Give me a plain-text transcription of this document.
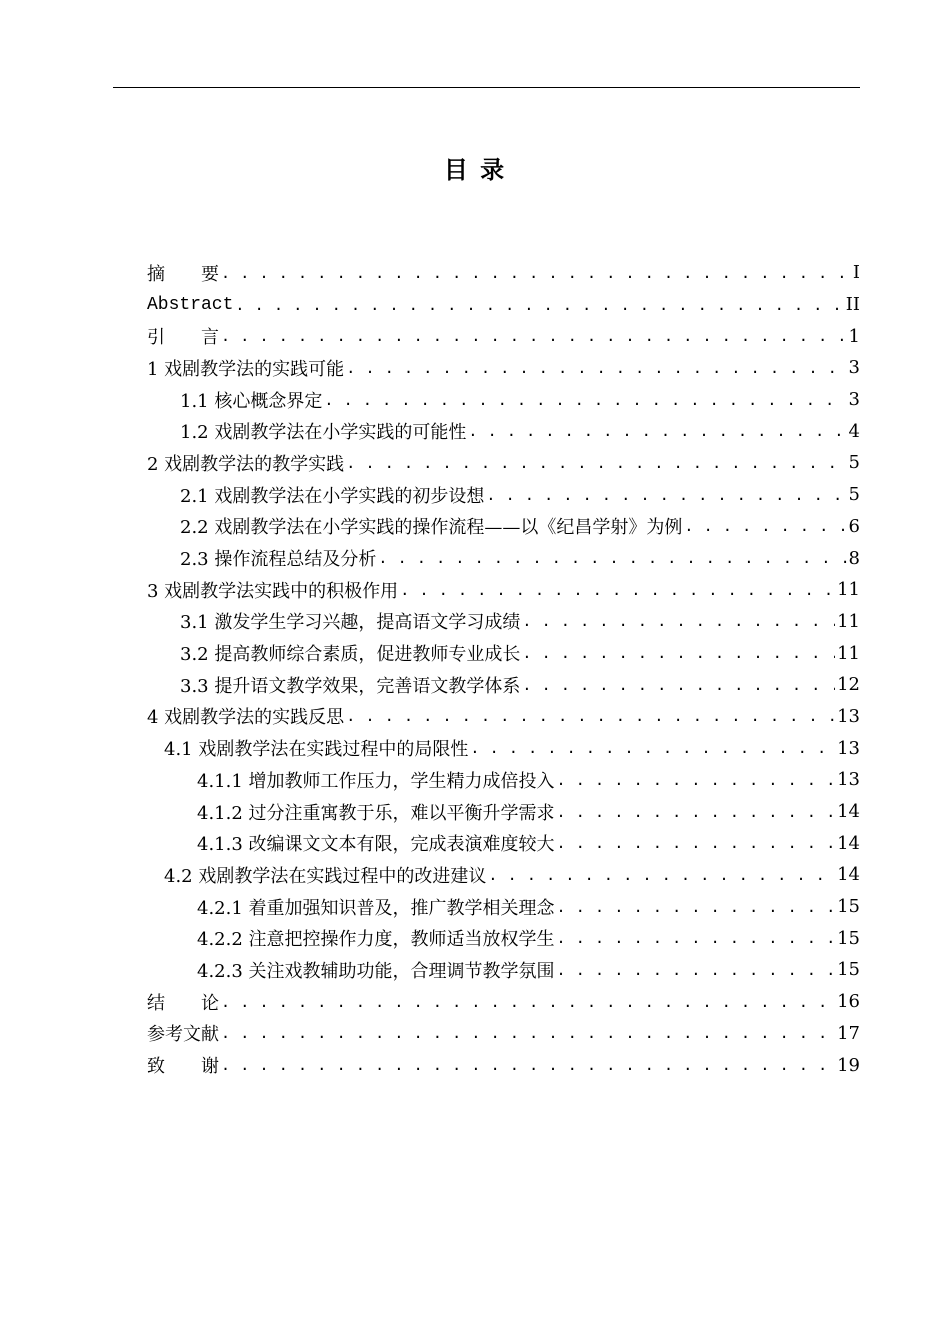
目 录
摘　　要 . . .	I
Abstract . . .	II
引　　言 . . .	1
1 戏剧教学法的实践可能 . . .	3
1.1 核心概念界定 . . .	3
1.2 戏剧教学法在小学实践的可能性 . . .	4
2 戏剧教学法的教学实践 . . .	5
2.1 戏剧教学法在小学实践的初步设想 . . .	5
2.2 戏剧教学法在小学实践的操作流程——以《纪昌学射》为例 . . .	6
2.3 操作流程总结及分析 . . .	8
3 戏剧教学法实践中的积极作用 . . .	11
3.1 激发学生学习兴趣，提高语文学习成绩 . . .	11
3.2 提高教师综合素质，促进教师专业成长 . . .	11
3.3 提升语文教学效果，完善语文教学体系 . . .	12
4 戏剧教学法的实践反思 . . .	13
4.1 戏剧教学法在实践过程中的局限性 . . .	13
4.1.1 增加教师工作压力，学生精力成倍投入 . . .	13
4.1.2 过分注重寓教于乐，难以平衡升学需求 . . .	14
4.1.3 改编课文文本有限，完成表演难度较大 . . .	14
4.2 戏剧教学法在实践过程中的改进建议 . . .	14
4.2.1 着重加强知识普及，推广教学相关理念 . . .	15
4.2.2 注意把控操作力度，教师适当放权学生 . . .	15
4.2.3 关注戏教辅助功能，合理调节教学氛围 . . .	15
结　　论 . . .	16
参考文献 . . .	17
致　　谢 . . .	19
